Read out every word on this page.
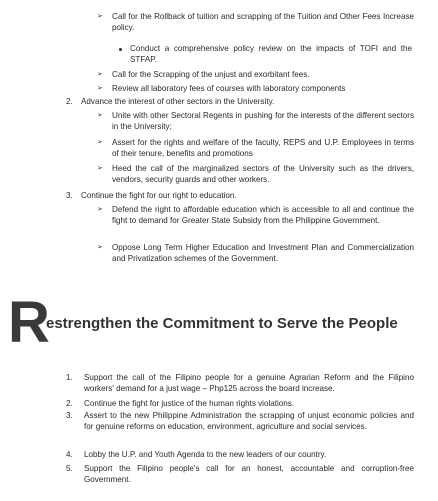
➢ Call for the Rollback of tuition and scrapping of the Tuition and Other Fees Increase policy.

Conduct a comprehensive policy review on the impacts of TOFI and the STFAP.

➢ Call for the Scrapping of the unjust and exorbitant fees.

➢ Review all laboratory fees of courses with laboratory components

2. Advance the interest of other sectors in the University.

➢ Unite with other Sectoral Regents in pushing for the interests of the different sectors in the University;

➢ Assert for the rights and welfare of the faculty, REPS and U.P. Employees in terms of their tenure, benefits and promotions

➢ Heed the call of the marginalized sectors of the University such as the drivers, vendors, security guards and other workers.

3. Continue the fight for our right to education.

➢ Defend the right to affordable education which is accessible to all and continue the fight to demand for Greater State Subsidy from the Philippine Government.

➢ Oppose Long Term Higher Education and Investment Plan and Commercialization and Privatization schemes of the Government.

R
estrengthen the Commitment to Serve the People
1. Support the call of the Filipino people for a genuine Agrarian Reform and the Filipino workers' demand for a just wage – Php125 across the board increase.

2. Continue the fight for justice of the human rights violations.

3. Assert to the new Philippine Administration the scrapping of unjust economic policies and for genuine reforms on education, environment, agriculture and social services.

4. Lobby the U.P. and Youth Agenda to the new leaders of our country.

5. Support the Filipino people's call for an honest, accountable and corruption-free Government.
